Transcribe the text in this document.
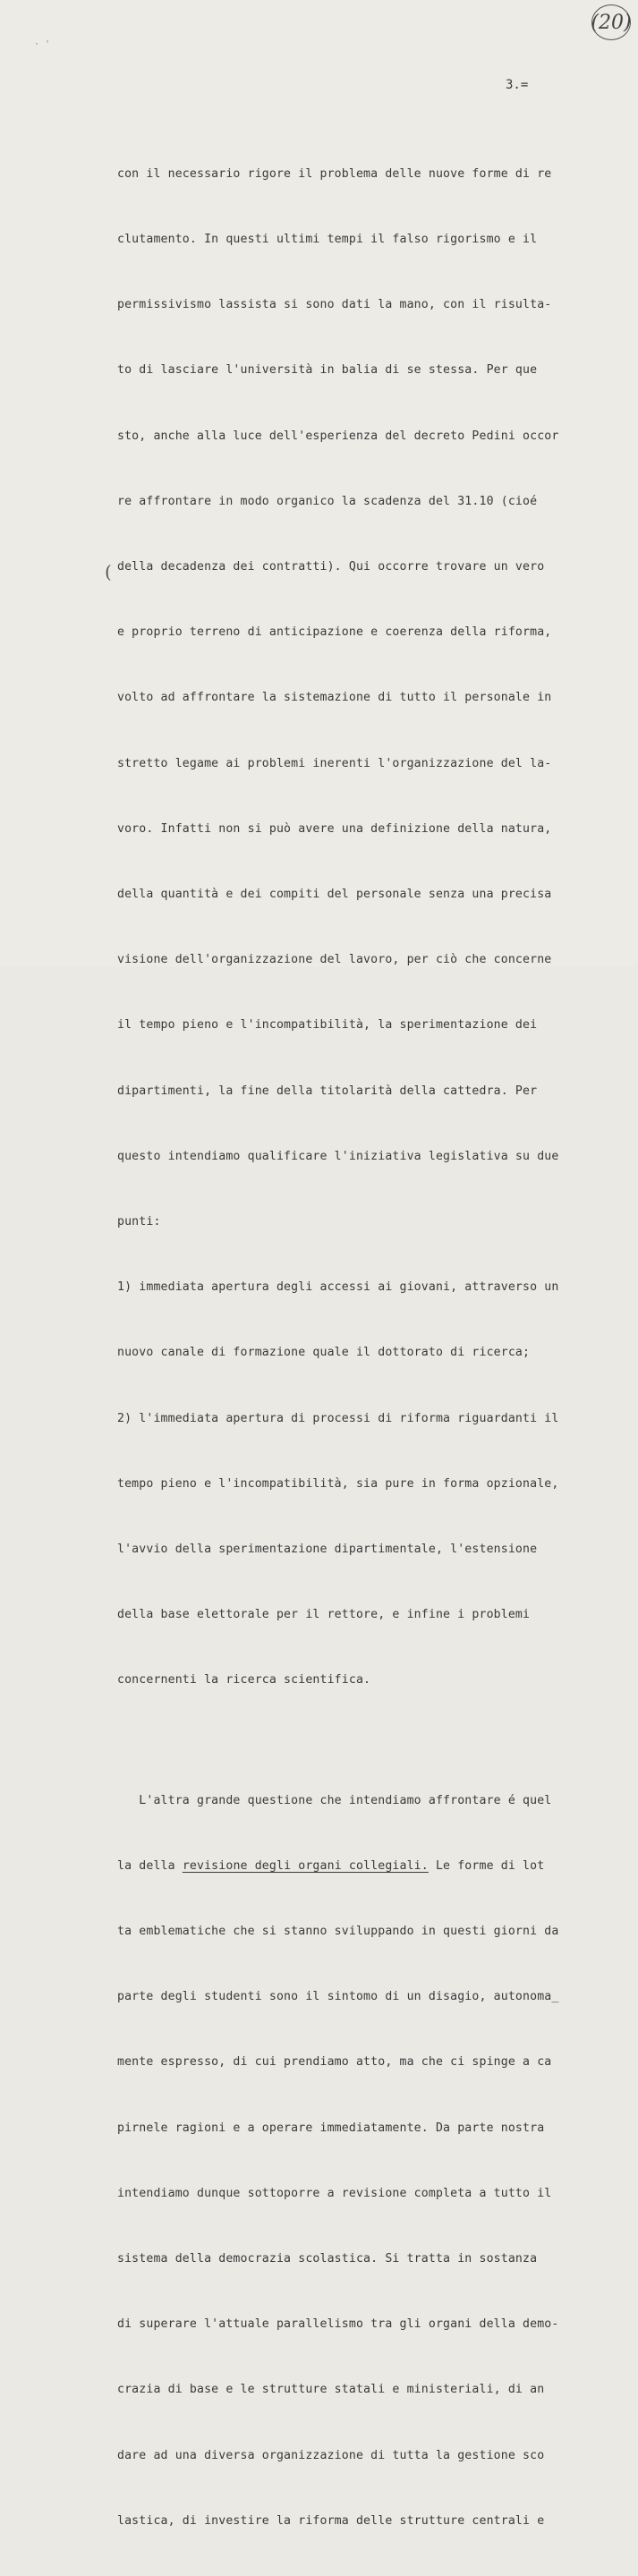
(20)
· '
3.=
(

con il necessario rigore il problema delle nuove forme di re

clutamento. In questi ultimi tempi il falso rigorismo e il

permissivismo lassista si sono dati la mano, con il risulta-

to di lasciare l'università in balia di se stessa. Per que

sto, anche alla luce dell'esperienza del decreto Pedini occor

re affrontare in modo organico la scadenza del 31.10 (cioé

della decadenza dei contratti). Qui occorre trovare un vero

e proprio terreno di anticipazione e coerenza della riforma,

volto ad affrontare la sistemazione di tutto il personale in

stretto legame ai problemi inerenti l'organizzazione del la-

voro. Infatti non si può avere una definizione della natura,

della quantità e dei compiti del personale senza una precisa

visione dell'organizzazione del lavoro, per ciò che concerne

il tempo pieno e l'incompatibilità, la sperimentazione dei

dipartimenti, la fine della titolarità della cattedra. Per

questo intendiamo qualificare l'iniziativa legislativa su due

punti:

1) immediata apertura degli accessi ai giovani, attraverso un

nuovo canale di formazione quale il dottorato di ricerca;

2) l'immediata apertura di processi di riforma riguardanti il

tempo pieno e l'incompatibilità, sia pure in forma opzionale,

l'avvio della sperimentazione dipartimentale, l'estensione

della base elettorale per il rettore, e infine i problemi

concernenti la ricerca scientifica.

L'altra grande questione che intendiamo affrontare é quel

la della revisione degli organi collegiali. Le forme di lot

ta emblematiche che si stanno sviluppando in questi giorni da

parte degli studenti sono il sintomo di un disagio, autonoma_

mente espresso, di cui prendiamo atto, ma che ci spinge a ca

pirnele ragioni e a operare immediatamente. Da parte nostra

intendiamo dunque sottoporre a revisione completa a tutto il

sistema della democrazia scolastica. Si tratta in sostanza

di superare l'attuale parallelismo tra gli organi della demo-

crazia di base e le strutture statali e ministeriali, di an

dare ad una diversa organizzazione di tutta la gestione sco

lastica, di investire la riforma delle strutture centrali e
